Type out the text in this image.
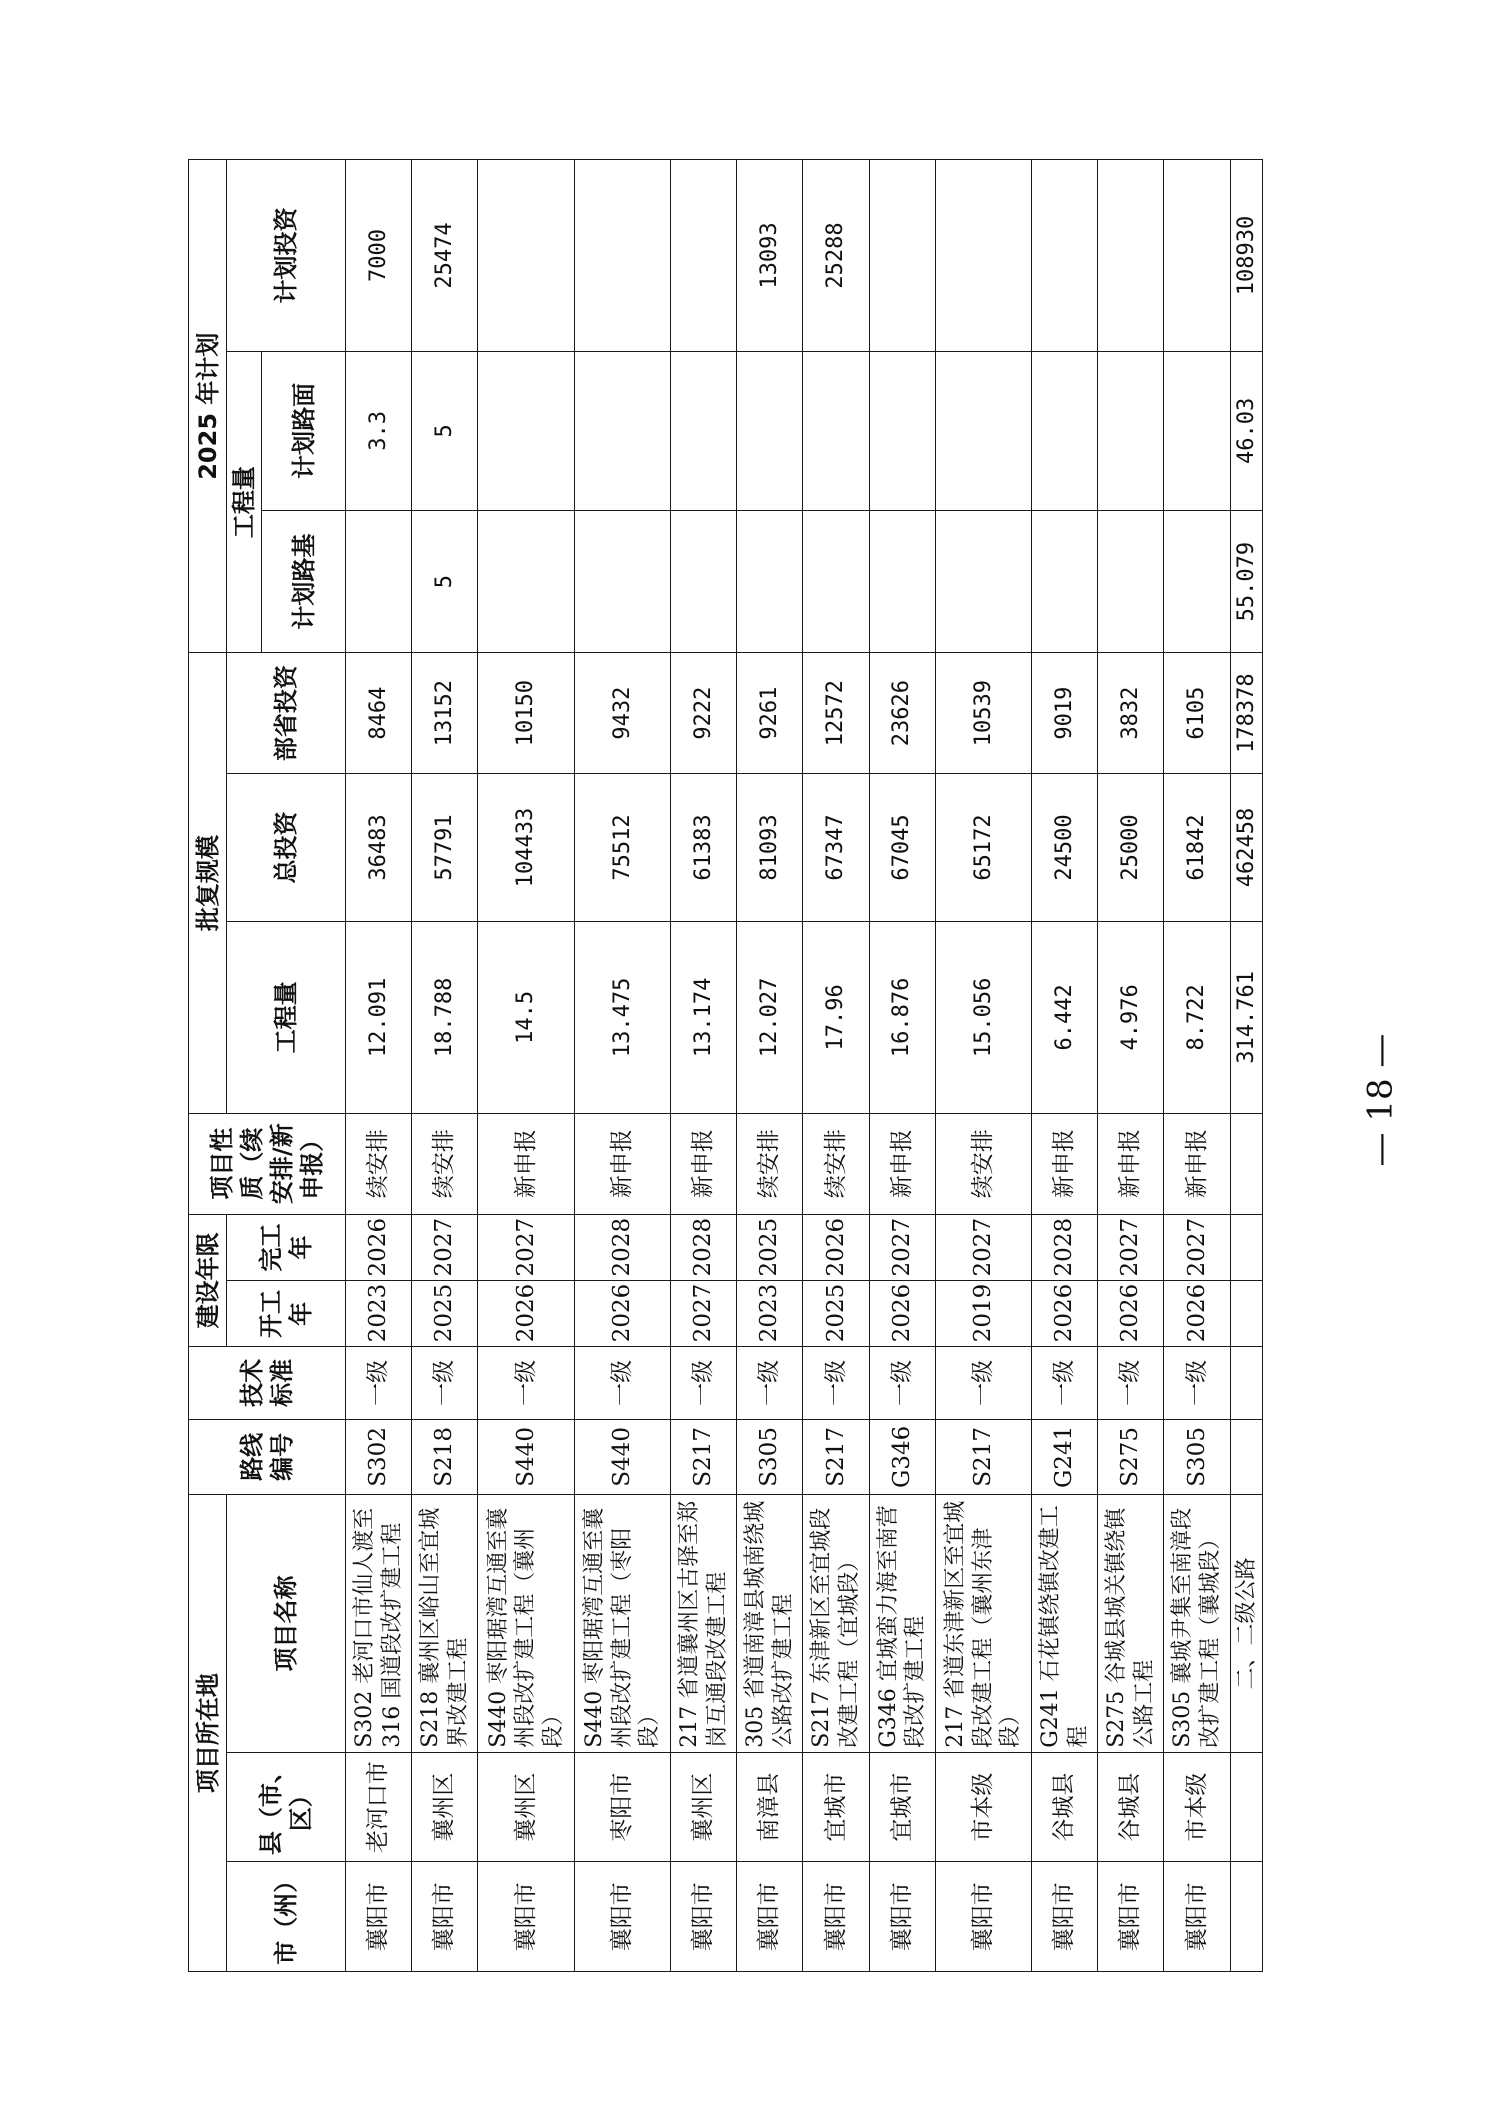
项目所在地			路线编号	技术标准	建设年限		项目性质（续安排/新申报）	批复规模			2025 年计划		
市（州）	县（市、区）	项目名称			开工年	完工年		工程量	总投资	部省投资	工程量		计划投资
											计划路基	计划路面	
襄阳市	老河口市	S302 老河口市仙人渡至316 国道段改扩建工程	S302	一级	2023	2026	续安排	12.091	36483	8464		3.3	7000
襄阳市	襄州区	S218 襄州区峪山至宜城界改建工程	S218	一级	2025	2027	续安排	18.788	57791	13152	5	5	25474
襄阳市	襄州区	S440 枣阳琚湾互通至襄州段改扩建工程（襄州段）	S440	一级	2026	2027	新申报	14.5	104433	10150			
襄阳市	枣阳市	S440 枣阳琚湾互通至襄州段改扩建工程（枣阳段）	S440	一级	2026	2028	新申报	13.475	75512	9432			
襄阳市	襄州区	217 省道襄州区古驿至郑岗互通段改建工程	S217	一级	2027	2028	新申报	13.174	61383	9222			
襄阳市	南漳县	305 省道南漳县城南绕城公路改扩建工程	S305	一级	2023	2025	续安排	12.027	81093	9261			13093
襄阳市	宜城市	S217 东津新区至宜城段改建工程（宜城段）	S217	一级	2025	2026	续安排	17.96	67347	12572			25288
襄阳市	宜城市	G346 宜城蛮力海至南营段改扩建工程	G346	一级	2026	2027	新申报	16.876	67045	23626			
襄阳市	市本级	217 省道东津新区至宜城段改建工程（襄州东津段）	S217	一级	2019	2027	续安排	15.056	65172	10539			
襄阳市	谷城县	G241 石花镇绕镇改建工程	G241	一级	2026	2028	新申报	6.442	24500	9019			
襄阳市	谷城县	S275 谷城县城关镇绕镇公路工程	S275	一级	2026	2027	新申报	4.976	25000	3832			
襄阳市	市本级	S305 襄城尹集至南漳段改扩建工程（襄城段）	S305	一级	2026	2027	新申报	8.722	61842	6105			
		二、二级公路						314.761	462458	178378	55.079	46.03	108930
— 18 —
